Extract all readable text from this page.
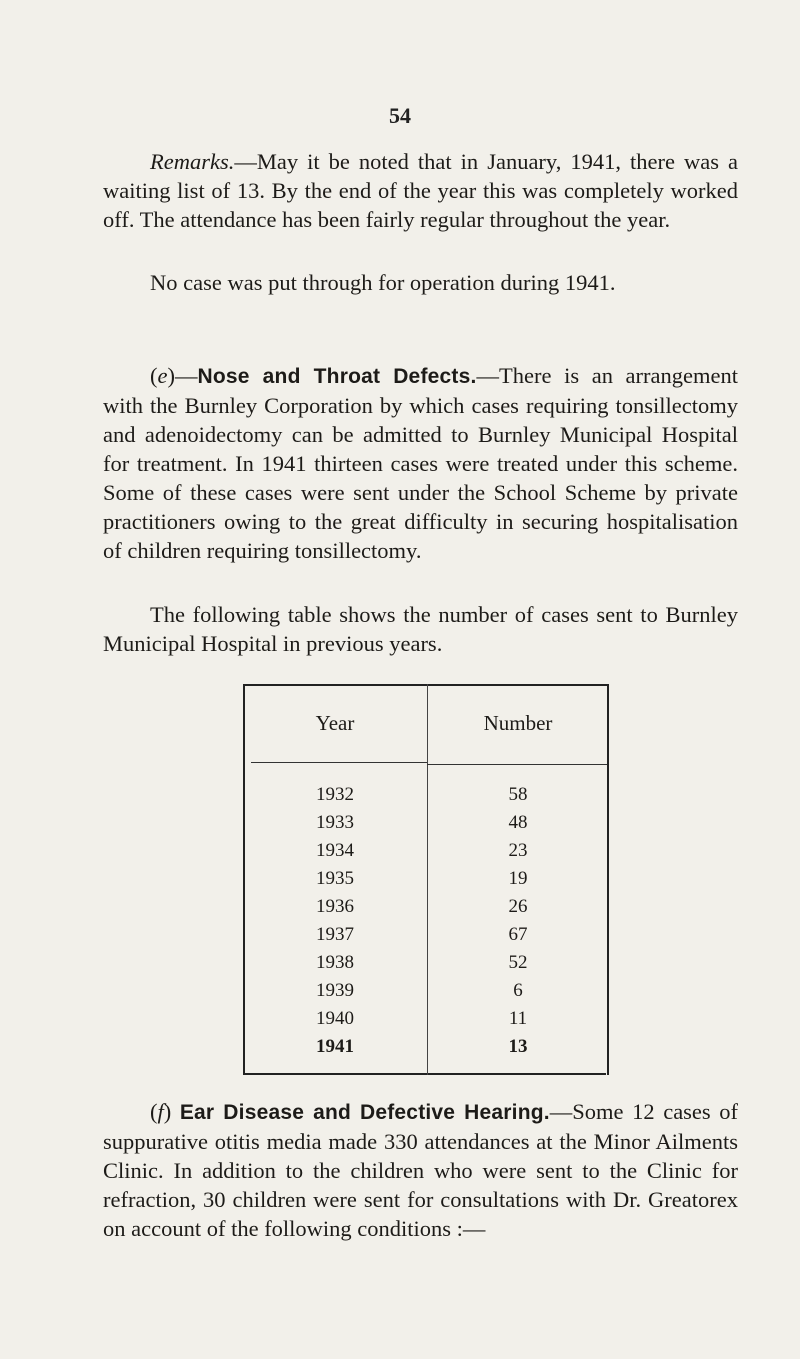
54
Remarks.—May it be noted that in January, 1941, there was a waiting list of 13. By the end of the year this was completely worked off. The attendance has been fairly regular throughout the year.
No case was put through for operation during 1941.
(e)—Nose and Throat Defects.—There is an arrangement with the Burnley Corporation by which cases requiring tonsillectomy and adenoidectomy can be admitted to Burnley Municipal Hospital for treatment. In 1941 thirteen cases were treated under this scheme. Some of these cases were sent under the School Scheme by private practitioners owing to the great difficulty in securing hospitalisation of children requiring tonsillectomy.
The following table shows the number of cases sent to Burnley Municipal Hospital in previous years.
Year	Number
1932	58
1933	48
1934	23
1935	19
1936	26
1937	67
1938	52
1939	6
1940	11
1941	13
(f) Ear Disease and Defective Hearing.—Some 12 cases of suppurative otitis media made 330 attendances at the Minor Ailments Clinic. In addition to the children who were sent to the Clinic for refraction, 30 children were sent for consultations with Dr. Greatorex on account of the following conditions :—
